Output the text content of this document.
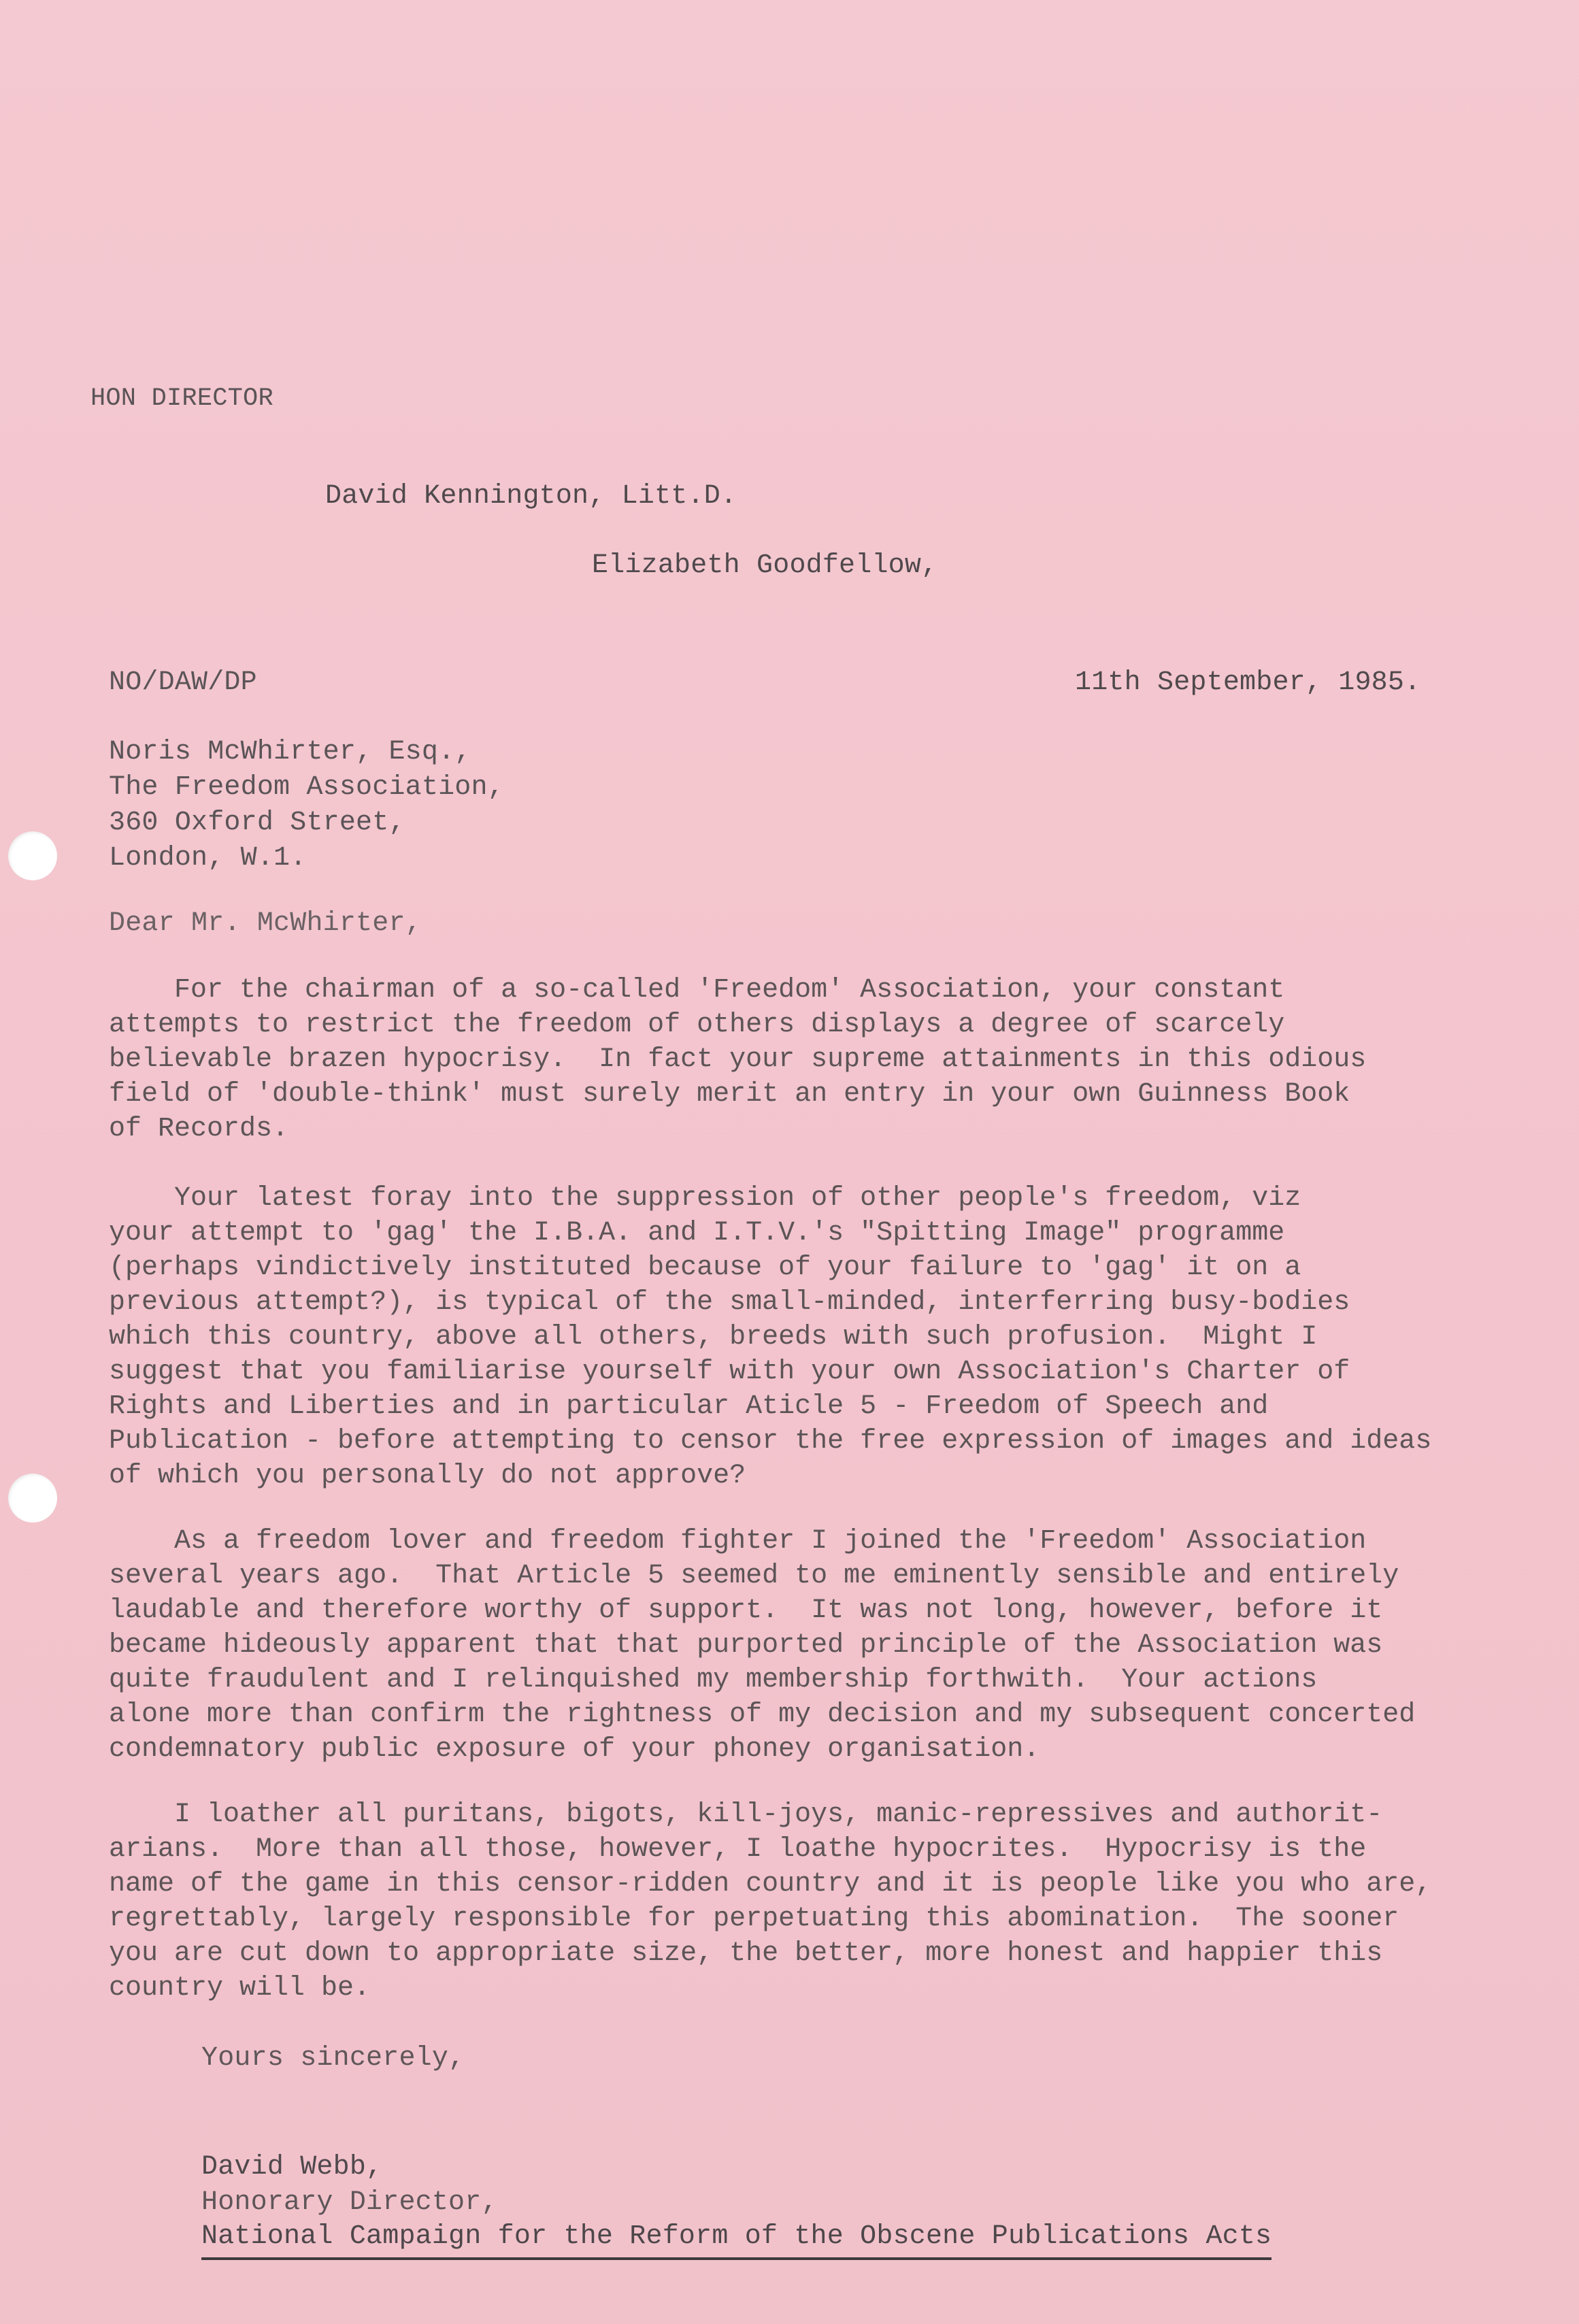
HON DIRECTOR
David Kennington, Litt.D.
Elizabeth Goodfellow,
NO/DAW/DP	11th September, 1985.
Noris McWhirter, Esq.,
The Freedom Association,
360 Oxford Street,
London, W.1.
Dear Mr. McWhirter,
For the chairman of a so-called 'Freedom' Association, your constant
attempts to restrict the freedom of others displays a degree of scarcely
believable brazen hypocrisy.  In fact your supreme attainments in this odious
field of 'double-think' must surely merit an entry in your own Guinness Book
of Records.
Your latest foray into the suppression of other people's freedom, viz
your attempt to 'gag' the I.B.A. and I.T.V.'s "Spitting Image" programme
(perhaps vindictively instituted because of your failure to 'gag' it on a
previous attempt?), is typical of the small-minded, interferring busy-bodies
which this country, above all others, breeds with such profusion.  Might I
suggest that you familiarise yourself with your own Association's Charter of
Rights and Liberties and in particular Aticle 5 - Freedom of Speech and
Publication - before attempting to censor the free expression of images and ideas
of which you personally do not approve?
As a freedom lover and freedom fighter I joined the 'Freedom' Association
several years ago.  That Article 5 seemed to me eminently sensible and entirely
laudable and therefore worthy of support.  It was not long, however, before it
became hideously apparent that that purported principle of the Association was
quite fraudulent and I relinquished my membership forthwith.  Your actions
alone more than confirm the rightness of my decision and my subsequent concerted
condemnatory public exposure of your phoney organisation.
I loather all puritans, bigots, kill-joys, manic-repressives and authorit-
arians.  More than all those, however, I loathe hypocrites.  Hypocrisy is the
name of the game in this censor-ridden country and it is people like you who are,
regrettably, largely responsible for perpetuating this abomination.  The sooner
you are cut down to appropriate size, the better, more honest and happier this
country will be.
Yours sincerely,
David Webb,
Honorary Director,
National Campaign for the Reform of the Obscene Publications Acts
